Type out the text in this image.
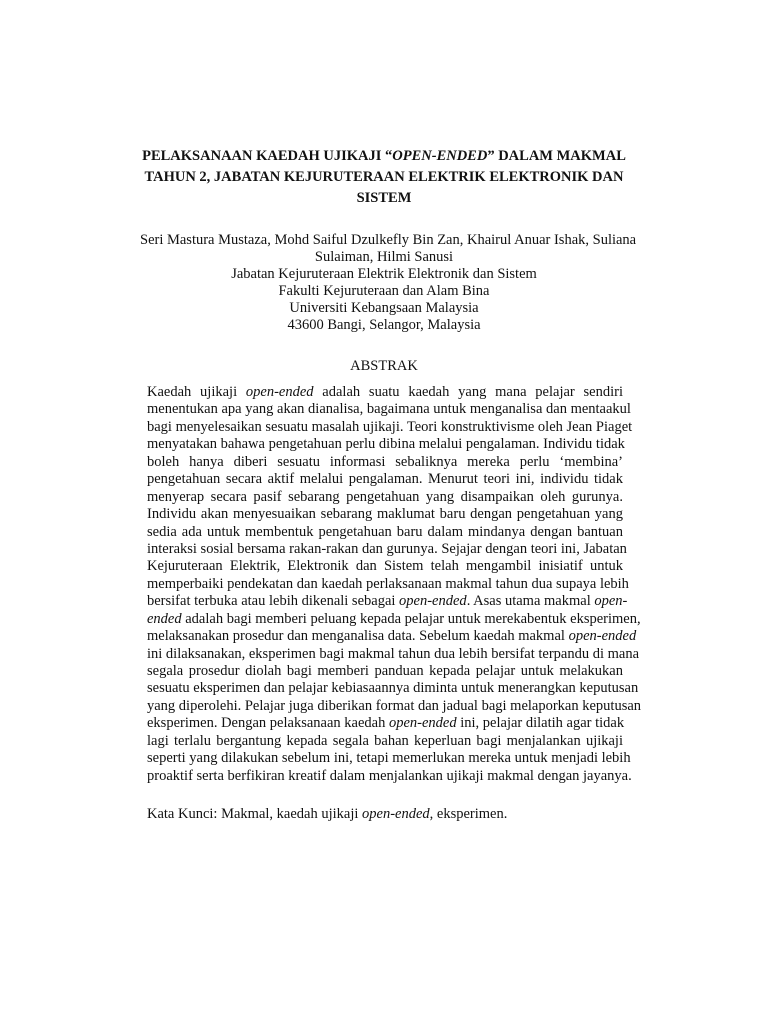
PELAKSANAAN KAEDAH UJIKAJI “OPEN-ENDED” DALAM MAKMAL
TAHUN 2, JABATAN KEJURUTERAAN ELEKTRIK ELEKTRONIK DAN
SISTEM
Seri Mastura Mustaza, Mohd Saiful Dzulkefly Bin Zan, Khairul Anuar Ishak, Suliana
Sulaiman, Hilmi Sanusi
Jabatan Kejuruteraan Elektrik Elektronik dan Sistem
Fakulti Kejuruteraan dan Alam Bina
Universiti Kebangsaan Malaysia
43600 Bangi, Selangor, Malaysia
ABSTRAK
Kaedah ujikaji open-ended adalah suatu kaedah yang mana pelajar sendiri
menentukan apa yang akan dianalisa, bagaimana untuk menganalisa dan mentaakul
bagi menyelesaikan sesuatu masalah ujikaji. Teori konstruktivisme oleh Jean Piaget
menyatakan bahawa pengetahuan perlu dibina melalui pengalaman. Individu tidak
boleh hanya diberi sesuatu informasi sebaliknya mereka perlu ‘membina’
pengetahuan secara aktif melalui pengalaman. Menurut teori ini, individu tidak
menyerap secara pasif sebarang pengetahuan yang disampaikan oleh gurunya.
Individu akan menyesuaikan sebarang maklumat baru dengan pengetahuan yang
sedia ada untuk membentuk pengetahuan baru dalam mindanya dengan bantuan
interaksi sosial bersama rakan-rakan dan gurunya. Sejajar dengan teori ini, Jabatan
Kejuruteraan Elektrik, Elektronik dan Sistem telah mengambil inisiatif untuk
memperbaiki pendekatan dan kaedah perlaksanaan makmal tahun dua supaya lebih
bersifat terbuka atau lebih dikenali sebagai open-ended. Asas utama makmal open-
ended adalah bagi memberi peluang kepada pelajar untuk merekabentuk eksperimen,
melaksanakan prosedur dan menganalisa data. Sebelum kaedah makmal open-ended
ini dilaksanakan, eksperimen bagi makmal tahun dua lebih bersifat terpandu di mana
segala prosedur diolah bagi memberi panduan kepada pelajar untuk melakukan
sesuatu eksperimen dan pelajar kebiasaannya diminta untuk menerangkan keputusan
yang diperolehi. Pelajar juga diberikan format dan jadual bagi melaporkan keputusan
eksperimen. Dengan pelaksanaan kaedah open-ended ini, pelajar dilatih agar tidak
lagi terlalu bergantung kepada segala bahan keperluan bagi menjalankan ujikaji
seperti yang dilakukan sebelum ini, tetapi memerlukan mereka untuk menjadi lebih
proaktif serta berfikiran kreatif dalam menjalankan ujikaji makmal dengan jayanya.
Kata Kunci: Makmal, kaedah ujikaji open-ended, eksperimen.
